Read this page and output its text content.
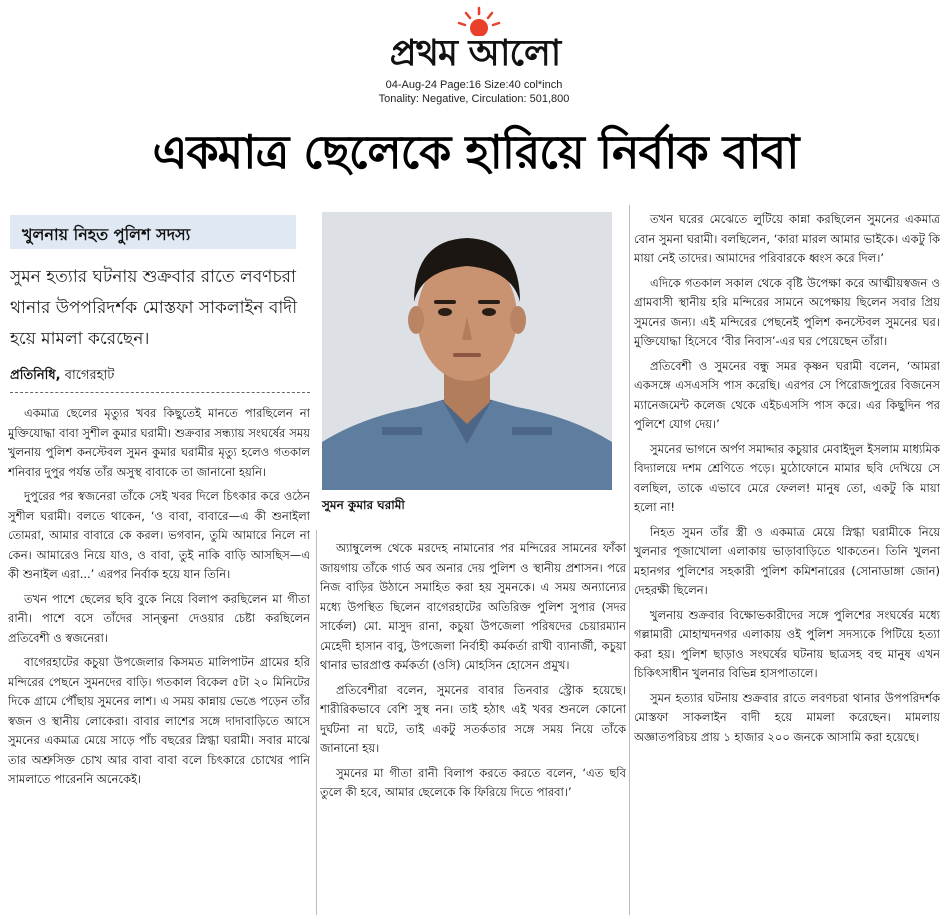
প্রথম আলো
04-Aug-24 Page:16 Size:40 col*inch
Tonality: Negative, Circulation: 501,800
একমাত্র ছেলেকে হারিয়ে নির্বাক বাবা
খুলনায় নিহত পুলিশ সদস্য
সুমন হত্যার ঘটনায় শুক্রবার রাতে লবণচরা থানার উপপরিদর্শক মোস্তফা সাকলাইন বাদী হয়ে মামলা করেছেন।
প্রতিনিধি, বাগেরহাট

একমাত্র ছেলের মৃত্যুর খবর কিছুতেই মানতে পারছিলেন না মুক্তিযোদ্ধা বাবা সুশীল কুমার ঘরামী। শুক্রবার সন্ধ্যায় সংঘর্ষের সময় খুলনায় পুলিশ কনস্টেবল সুমন কুমার ঘরামীর মৃত্যু হলেও গতকাল শনিবার দুপুর পর্যন্ত তাঁর অসুস্থ বাবাকে তা জানানো হয়নি।

দুপুরের পর স্বজনেরা তাঁকে সেই খবর দিলে চিৎকার করে ওঠেন সুশীল ঘরামী। বলতে থাকেন, ‘ও বাবা, বাবারে—এ কী শুনাইলা তোমরা, আমার বাবারে কে করল। ভগবান, তুমি আমারে নিলে না কেন। আমারেও নিয়ে যাও, ও বাবা, তুই নাকি বাড়ি আসছিস—এ কী শুনাইল এরা...’ এরপর নির্বাক হয়ে যান তিনি।

তখন পাশে ছেলের ছবি বুকে নিয়ে বিলাপ করছিলেন মা গীতা রানী। পাশে বসে তাঁদের সান্ত্বনা দেওয়ার চেষ্টা করছিলেন প্রতিবেশী ও স্বজনেরা।

বাগেরহাটের কচুয়া উপজেলার কিসমত মালিপাটন গ্রামের হরি মন্দিরের পেছনে সুমনদের বাড়ি। গতকাল বিকেল ৫টা ২০ মিনিটের দিকে গ্রামে পৌঁছায় সুমনের লাশ। এ সময় কান্নায় ভেঙে পড়েন তাঁর স্বজন ও স্থানীয় লোকেরা। বাবার লাশের সঙ্গে দাদাবাড়িতে আসে সুমনের একমাত্র মেয়ে সাড়ে পাঁচ বছরের স্নিগ্ধা ঘরামী। সবার মাঝে তার অশ্রুসিক্ত চোখ আর বাবা বাবা বলে চিৎকারে চোখের পানি সামলাতে পারেননি অনেকেই।

সুমন কুমার ঘরামী

অ্যাম্বুলেন্স থেকে মরদেহ নামানোর পর মন্দিরের সামনের ফাঁকা জায়গায় তাঁকে গার্ড অব অনার দেয় পুলিশ ও স্থানীয় প্রশাসন। পরে নিজ বাড়ির উঠানে সমাহিত করা হয় সুমনকে। এ সময় অন্যান্যের মধ্যে উপস্থিত ছিলেন বাগেরহাটের অতিরিক্ত পুলিশ সুপার (সদর সার্কেল) মো. মাসুদ রানা, কচুয়া উপজেলা পরিষদের চেয়ারম্যান মেহেদী হাসান বাবু, উপজেলা নির্বাহী কর্মকর্তা রাখী ব্যানার্জী, কচুয়া থানার ভারপ্রাপ্ত কর্মকর্তা (ওসি) মোহসিন হোসেন প্রমুখ।

প্রতিবেশীরা বলেন, সুমনের বাবার তিনবার স্ট্রোক হয়েছে। শারীরিকভাবে বেশি সুস্থ নন। তাই হঠাৎ এই খবর শুনলে কোনো দুর্ঘটনা না ঘটে, তাই একটু সতর্কতার সঙ্গে সময় নিয়ে তাঁকে জানানো হয়।

সুমনের মা গীতা রানী বিলাপ করতে করতে বলেন, ‘এত ছবি তুলে কী হবে, আমার ছেলেকে কি ফিরিয়ে দিতে পারবা।’

তখন ঘরের মেঝেতে লুটিয়ে কান্না করছিলেন সুমনের একমাত্র বোন সুমনা ঘরামী। বলছিলেন, ‘কারা মারল আমার ভাইকে। একটু কি মায়া নেই তাদের। আমাদের পরিবারকে ধ্বংস করে দিল।’

এদিকে গতকাল সকাল থেকে বৃষ্টি উপেক্ষা করে আত্মীয়স্বজন ও গ্রামবাসী স্থানীয় হরি মন্দিরের সামনে অপেক্ষায় ছিলেন সবার প্রিয় সুমনের জন্য। এই মন্দিরের পেছনেই পুলিশ কনস্টেবল সুমনের ঘর। মুক্তিযোদ্ধা হিসেবে ‘বীর নিবাস’-এর ঘর পেয়েছেন তাঁরা।

প্রতিবেশী ও সুমনের বন্ধু সমর কৃষ্ণন ঘরামী বলেন, ‘আমরা একসঙ্গে এসএসসি পাস করেছি। এরপর সে পিরোজপুরের বিজনেস ম্যানেজমেন্ট কলেজ থেকে এইচএসসি পাস করে। এর কিছুদিন পর পুলিশে যোগ দেয়।’

সুমনের ভাগনে অর্পণ সমাদ্দার কচুয়ার মেবাইদুল ইসলাম মাধ্যমিক বিদ্যালয়ে দশম শ্রেণিতে পড়ে। মুঠোফোনে মামার ছবি দেখিয়ে সে বলছিল, তাকে এভাবে মেরে ফেলল! মানুষ তো, একটু কি মায়া হলো না!

নিহত সুমন তাঁর স্ত্রী ও একমাত্র মেয়ে স্নিগ্ধা ঘরামীকে নিয়ে খুলনার পূজাখোলা এলাকায় ভাড়াবাড়িতে থাকতেন। তিনি খুলনা মহানগর পুলিশের সহকারী পুলিশ কমিশনারের (সোনাডাঙ্গা জোন) দেহরক্ষী ছিলেন।

খুলনায় শুক্রবার বিক্ষোভকারীদের সঙ্গে পুলিশের সংঘর্ষের মধ্যে গল্লামারী মোহাম্মদনগর এলাকায় ওই পুলিশ সদস্যকে পিটিয়ে হত্যা করা হয়। পুলিশ ছাড়াও সংঘর্ষের ঘটনায় ছাত্রসহ বহু মানুষ এখন চিকিৎসাধীন খুলনার বিভিন্ন হাসপাতালে।

সুমন হত্যার ঘটনায় শুক্রবার রাতে লবণচরা থানার উপপরিদর্শক মোস্তফা সাকলাইন বাদী হয়ে মামলা করেছেন। মামলায় অজ্ঞাতপরিচয় প্রায় ১ হাজার ২০০ জনকে আসামি করা হয়েছে।
